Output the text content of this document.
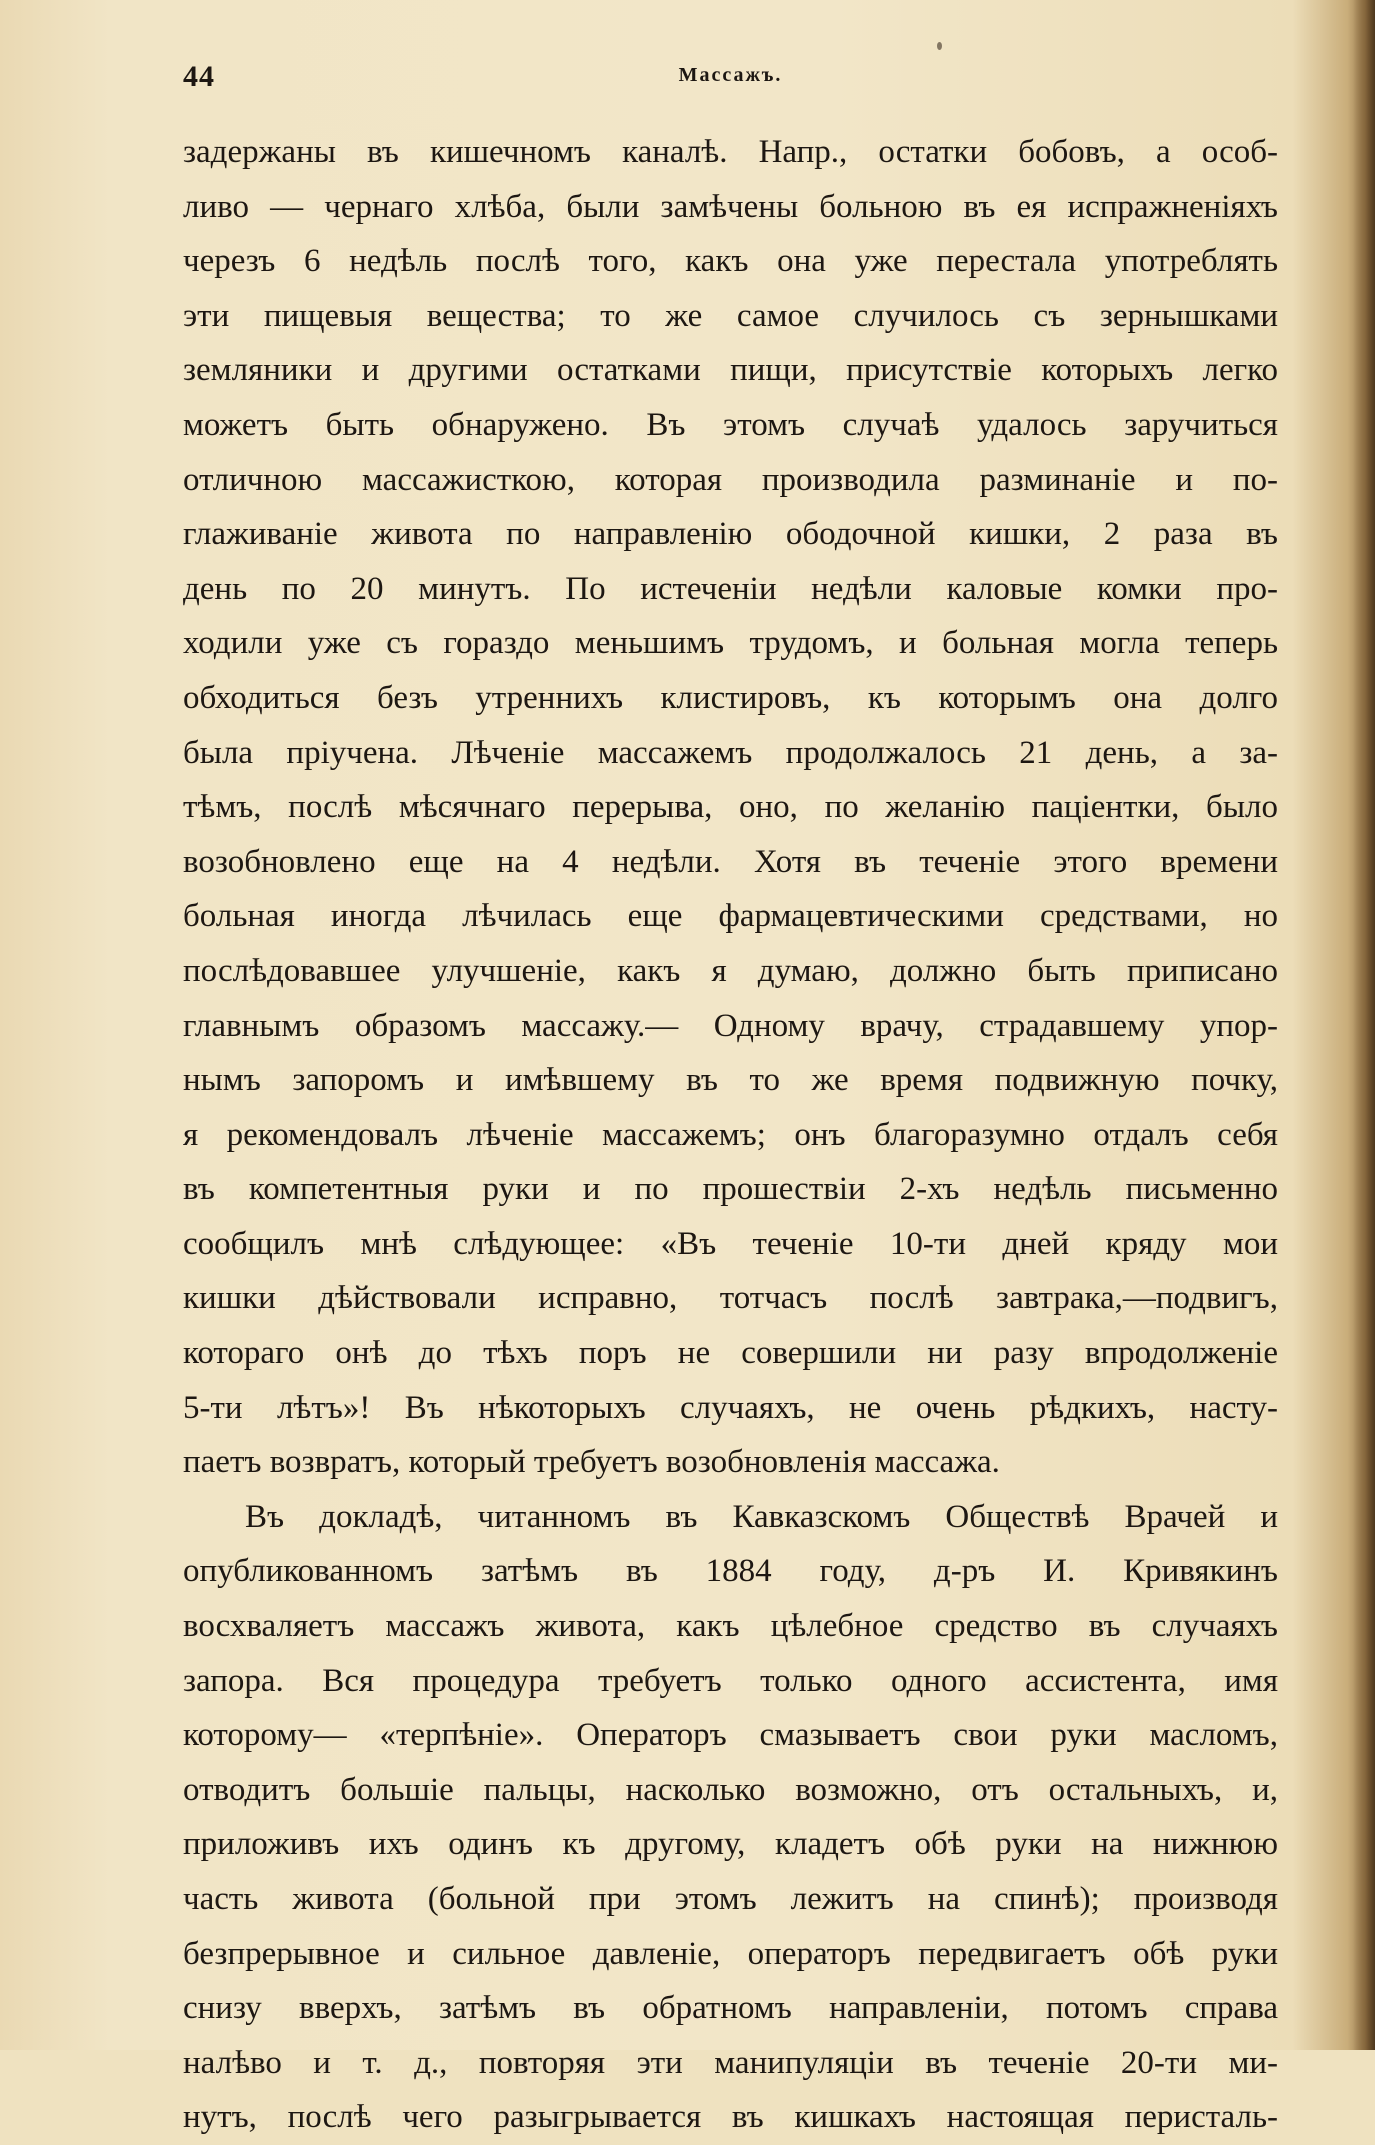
44	Массажъ.
задержаны въ кишечномъ каналѣ. Напр., остатки бобовъ, а особ-
ливо — чернаго хлѣба, были замѣчены больною въ ея испражненіяхъ
черезъ 6 недѣль послѣ того, какъ она уже перестала употреблять
эти пищевыя вещества; то же самое случилось съ зернышками
земляники и другими остатками пищи, присутствіе которыхъ легко
можетъ быть обнаружено. Въ этомъ случаѣ удалось заручиться
отличною массажисткою, которая производила разминаніе и по-
глаживаніе живота по направленію ободочной кишки, 2 раза въ
день по 20 минутъ. По истеченіи недѣли каловые комки про-
ходили уже съ гораздо меньшимъ трудомъ, и больная могла теперь
обходиться безъ утреннихъ клистировъ, къ которымъ она долго
была пріучена. Лѣченіе массажемъ продолжалось 21 день, а за-
тѣмъ, послѣ мѣсячнаго перерыва, оно, по желанію паціентки, было
возобновлено еще на 4 недѣли. Хотя въ теченіе этого времени
больная иногда лѣчилась еще фармацевтическими средствами, но
послѣдовавшее улучшеніе, какъ я думаю, должно быть приписано
главнымъ образомъ массажу.— Одному врачу, страдавшему упор-
нымъ запоромъ и имѣвшему въ то же время подвижную почку,
я рекомендовалъ лѣченіе массажемъ; онъ благоразумно отдалъ себя
въ компетентныя руки и по прошествіи 2-хъ недѣль письменно
сообщилъ мнѣ слѣдующее: «Въ теченіе 10-ти дней кряду мои
кишки дѣйствовали исправно, тотчасъ послѣ завтрака,—подвигъ,
котораго онѣ до тѣхъ поръ не совершили ни разу впродолженіе
5-ти лѣтъ»! Въ нѣкоторыхъ случаяхъ, не очень рѣдкихъ, насту-
паетъ возвратъ, который требуетъ возобновленія массажа.
Въ докладѣ, читанномъ въ Кавказскомъ Обществѣ Врачей и
опубликованномъ затѣмъ въ 1884 году, д-ръ И. Кривякинъ
восхваляетъ массажъ живота, какъ цѣлебное средство въ случаяхъ
запора. Вся процедура требуетъ только одного ассистента, имя
которому— «терпѣніе». Операторъ смазываетъ свои руки масломъ,
отводитъ большіе пальцы, насколько возможно, отъ остальныхъ, и,
приложивъ ихъ одинъ къ другому, кладетъ обѣ руки на нижнюю
часть живота (больной при этомъ лежитъ на спинѣ); производя
безпрерывное и сильное давленіе, операторъ передвигаетъ обѣ руки
снизу вверхъ, затѣмъ въ обратномъ направленіи, потомъ справа
налѣво и т. д., повторяя эти манипуляціи въ теченіе 20-ти ми-
нутъ, послѣ чего разыгрывается въ кишкахъ настоящая перисталь-
